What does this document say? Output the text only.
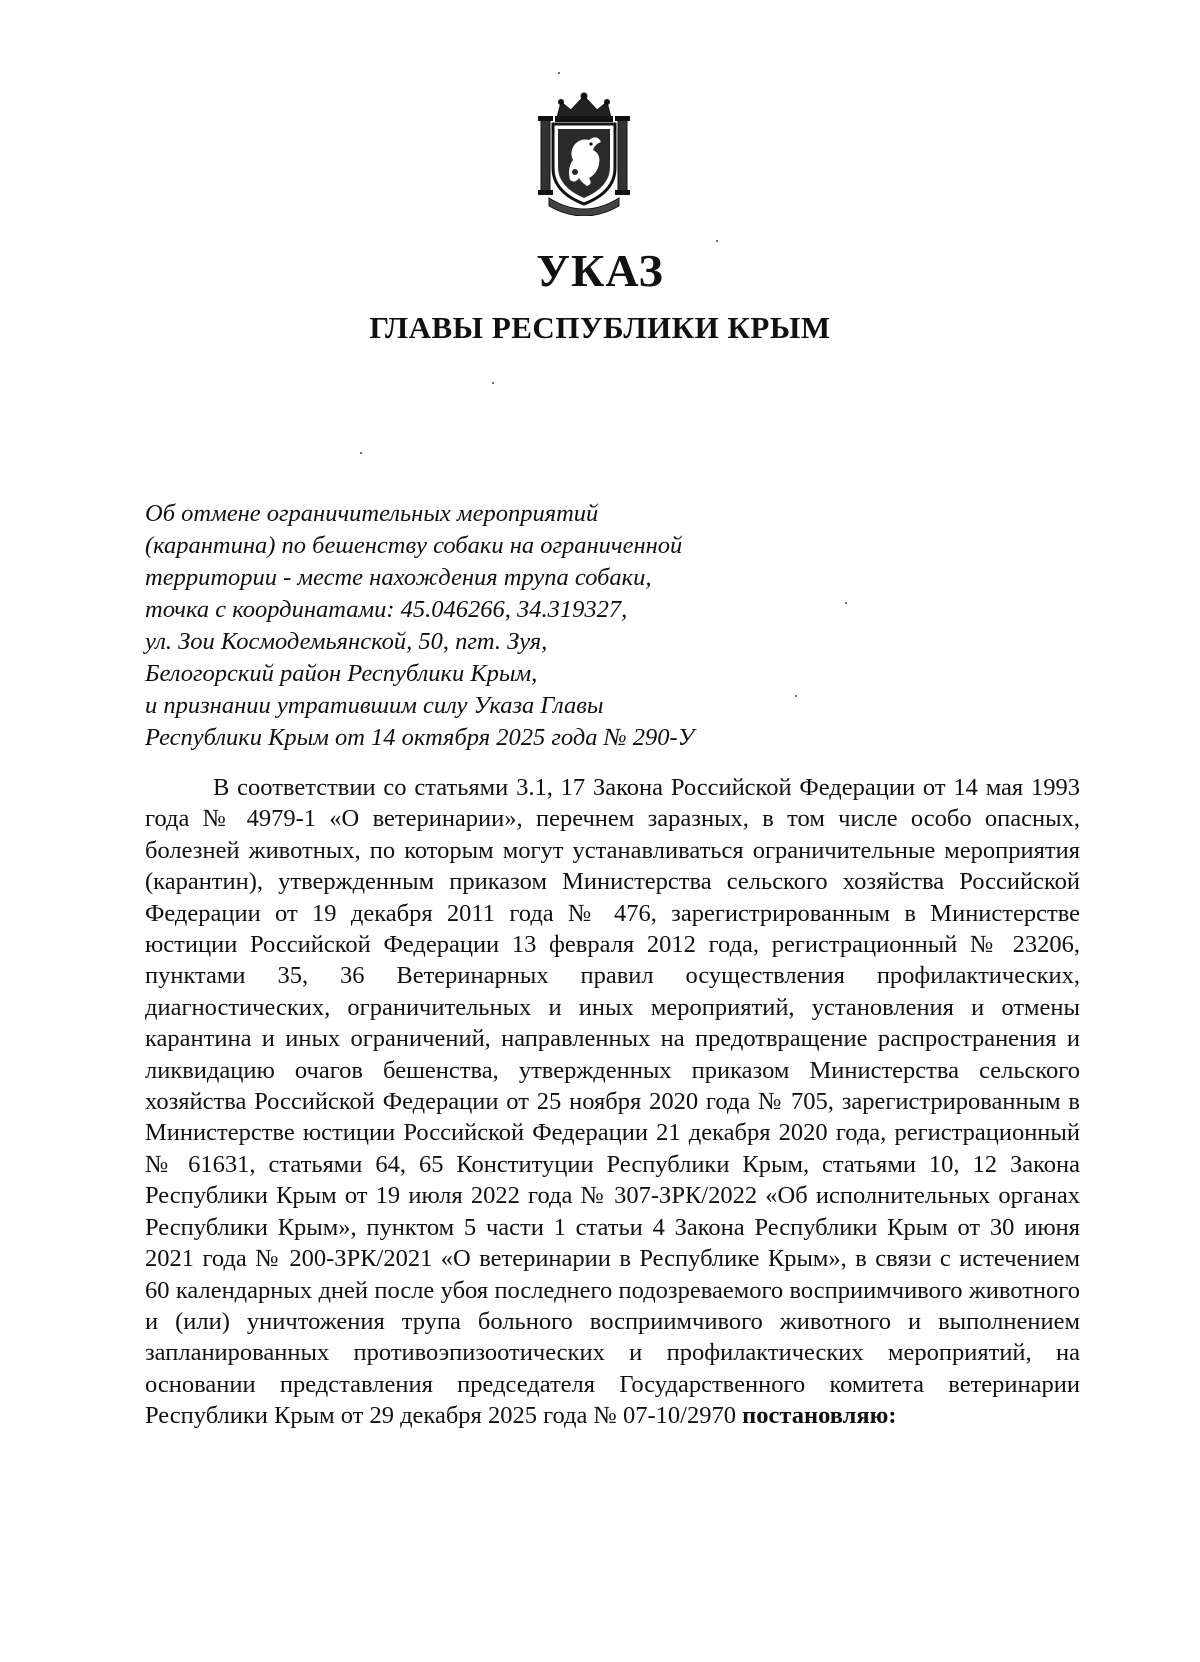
УКАЗ
ГЛАВЫ РЕСПУБЛИКИ КРЫМ

Об отмене ограничительных мероприятий
(карантина) по бешенству собаки на ограниченной
территории - месте нахождения трупа собаки,
точка с координатами: 45.046266, 34.319327,
ул. Зои Космодемьянской, 50, пгт. Зуя,
Белогорский район Республики Крым,
и признании утратившим силу Указа Главы
Республики Крым от 14 октября 2025 года № 290-У

В соответствии со статьями 3.1, 17 Закона Российской Федерации от 14 мая 1993 года № 4979-1 «О ветеринарии», перечнем заразных, в том числе особо опасных, болезней животных, по которым могут устанавливаться ограничительные мероприятия (карантин), утвержденным приказом Министерства сельского хозяйства Российской Федерации от 19 декабря 2011 года № 476, зарегистрированным в Министерстве юстиции Российской Федерации 13 февраля 2012 года, регистрационный № 23206, пунктами 35, 36 Ветеринарных правил осуществления профилактических, диагностических, ограничительных и иных мероприятий, установления и отмены карантина и иных ограничений, направленных на предотвращение распространения и ликвидацию очагов бешенства, утвержденных приказом Министерства сельского хозяйства Российской Федерации от 25 ноября 2020 года № 705, зарегистрированным в Министерстве юстиции Российской Федерации 21 декабря 2020 года, регистрационный № 61631, статьями 64, 65 Конституции Республики Крым, статьями 10, 12 Закона Республики Крым от 19 июля 2022 года № 307-ЗРК/2022 «Об исполнительных органах Республики Крым», пунктом 5 части 1 статьи 4 Закона Республики Крым от 30 июня 2021 года № 200-ЗРК/2021 «О ветеринарии в Республике Крым», в связи с истечением 60 календарных дней после убоя последнего подозреваемого восприимчивого животного и (или) уничтожения трупа больного восприимчивого животного и выполнением запланированных противоэпизоотических и профилактических мероприятий, на основании представления председателя Государственного комитета ветеринарии Республики Крым от 29 декабря 2025 года № 07-10/2970 постановляю:
